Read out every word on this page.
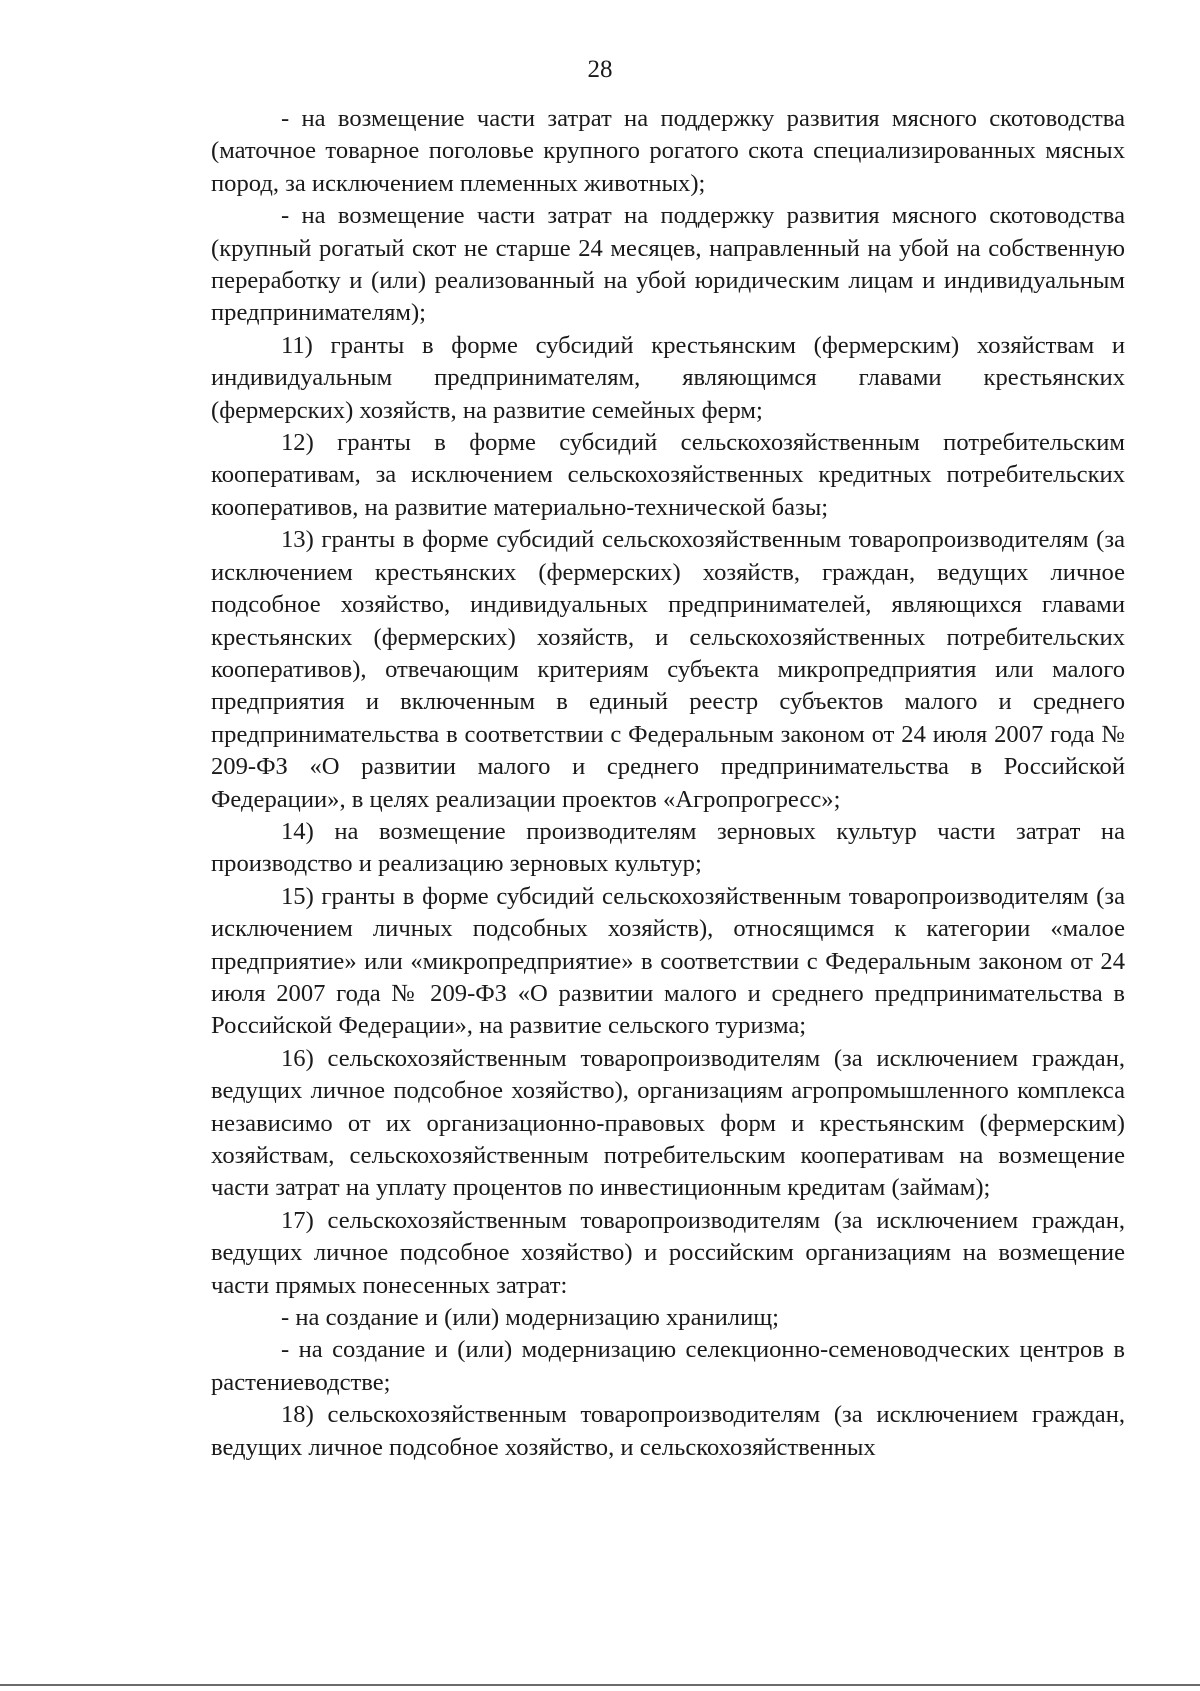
28

- на возмещение части затрат на поддержку развития мясного скотоводства (маточное товарное поголовье крупного рогатого скота специализированных мясных пород, за исключением племенных животных);

- на возмещение части затрат на поддержку развития мясного скотоводства (крупный рогатый скот не старше 24 месяцев, направленный на убой на собственную переработку и (или) реализованный на убой юридическим лицам и индивидуальным предпринимателям);

11) гранты в форме субсидий крестьянским (фермерским) хозяйствам и индивидуальным предпринимателям, являющимся главами крестьянских (фермерских) хозяйств, на развитие семейных ферм;

12) гранты в форме субсидий сельскохозяйственным потребительским кооперативам, за исключением сельскохозяйственных кредитных потребительских кооперативов, на развитие материально-технической базы;

13) гранты в форме субсидий сельскохозяйственным товаропроизводителям (за исключением крестьянских (фермерских) хозяйств, граждан, ведущих личное подсобное хозяйство, индивидуальных предпринимателей, являющихся главами крестьянских (фермерских) хозяйств, и сельскохозяйственных потребительских кооперативов), отвечающим критериям субъекта микропредприятия или малого предприятия и включенным в единый реестр субъектов малого и среднего предпринимательства в соответствии с Федеральным законом от 24 июля 2007 года № 209-ФЗ «О развитии малого и среднего предпринимательства в Российской Федерации», в целях реализации проектов «Агропрогресс»;

14) на возмещение производителям зерновых культур части затрат на производство и реализацию зерновых культур;

15) гранты в форме субсидий сельскохозяйственным товаропроизводителям (за исключением личных подсобных хозяйств), относящимся к категории «малое предприятие» или «микропредприятие» в соответствии с Федеральным законом от 24 июля 2007 года № 209-ФЗ «О развитии малого и среднего предпринимательства в Российской Федерации», на развитие сельского туризма;

16) сельскохозяйственным товаропроизводителям (за исключением граждан, ведущих личное подсобное хозяйство), организациям агропромышленного комплекса независимо от их организационно-правовых форм и крестьянским (фермерским) хозяйствам, сельскохозяйственным потребительским кооперативам на возмещение части затрат на уплату процентов по инвестиционным кредитам (займам);

17) сельскохозяйственным товаропроизводителям (за исключением граждан, ведущих личное подсобное хозяйство) и российским организациям на возмещение части прямых понесенных затрат:

- на создание и (или) модернизацию хранилищ;

- на создание и (или) модернизацию селекционно-семеноводческих центров в растениеводстве;

18) сельскохозяйственным товаропроизводителям (за исключением граждан, ведущих личное подсобное хозяйство, и сельскохозяйственных
